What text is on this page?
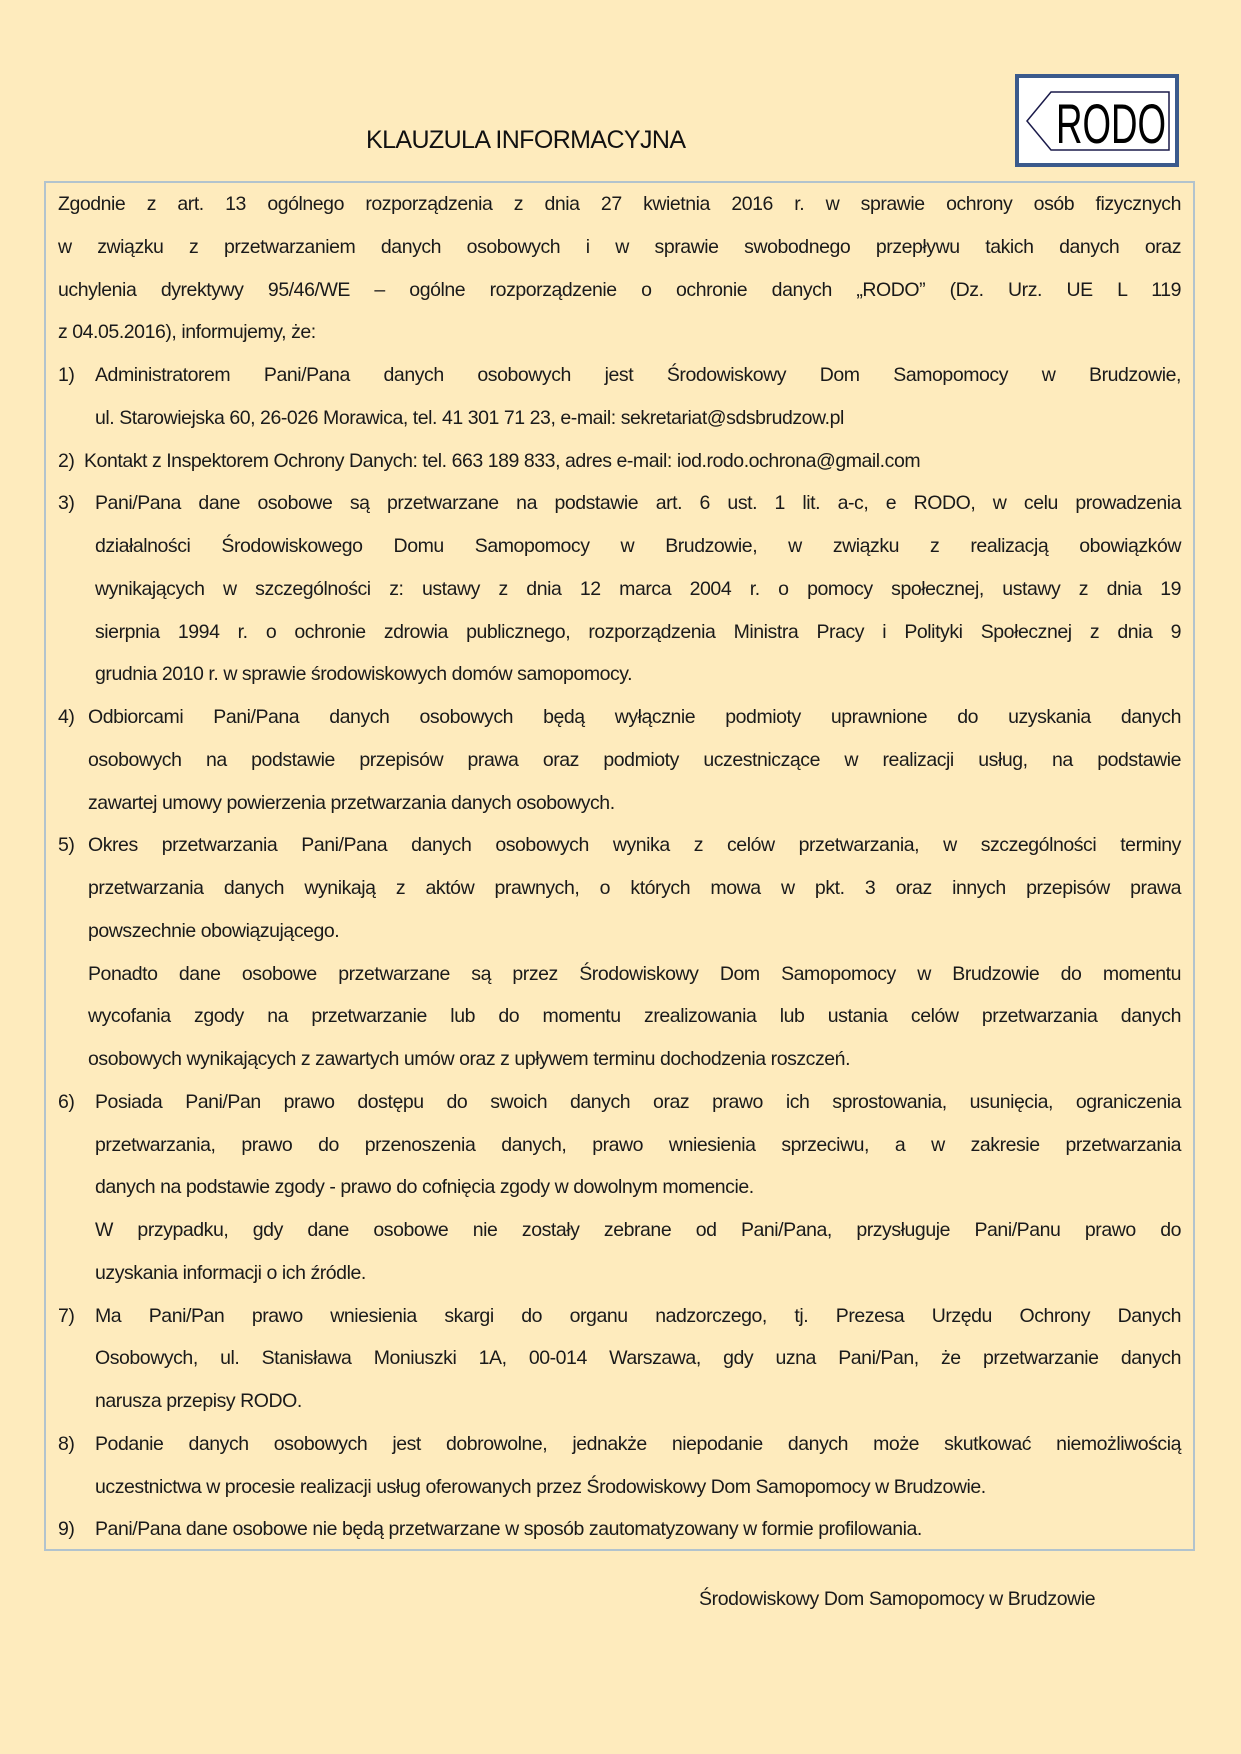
KLAUZULA INFORMACYJNA	RODO
Zgodnie z art. 13 ogólnego rozporządzenia z dnia 27 kwietnia 2016 r. w sprawie ochrony osób fizycznych
w związku z przetwarzaniem danych osobowych i w sprawie swobodnego przepływu takich danych oraz
uchylenia dyrektywy 95/46/WE – ogólne rozporządzenie o ochronie danych „RODO” (Dz. Urz. UE L 119
z 04.05.2016), informujemy, że:
1) Administratorem Pani/Pana danych osobowych jest Środowiskowy Dom Samopomocy w Brudzowie,
ul. Starowiejska 60, 26-026 Morawica, tel. 41 301 71 23, e-mail: sekretariat@sdsbrudzow.pl
2) Kontakt z Inspektorem Ochrony Danych: tel. 663 189 833, adres e-mail: iod.rodo.ochrona@gmail.com
3) Pani/Pana dane osobowe są przetwarzane na podstawie art. 6 ust. 1 lit. a-c, e RODO, w celu prowadzenia
działalności Środowiskowego Domu Samopomocy w Brudzowie, w związku z realizacją obowiązków
wynikających w szczególności z: ustawy z dnia 12 marca 2004 r. o pomocy społecznej, ustawy z dnia 19
sierpnia 1994 r. o ochronie zdrowia publicznego, rozporządzenia Ministra Pracy i Polityki Społecznej z dnia 9
grudnia 2010 r. w sprawie środowiskowych domów samopomocy.
4) Odbiorcami Pani/Pana danych osobowych będą wyłącznie podmioty uprawnione do uzyskania danych
osobowych na podstawie przepisów prawa oraz podmioty uczestniczące w realizacji usług, na podstawie
zawartej umowy powierzenia przetwarzania danych osobowych.
5) Okres przetwarzania Pani/Pana danych osobowych wynika z celów przetwarzania, w szczególności terminy
przetwarzania danych wynikają z aktów prawnych, o których mowa w pkt. 3 oraz innych przepisów prawa
powszechnie obowiązującego.
Ponadto dane osobowe przetwarzane są przez Środowiskowy Dom Samopomocy w Brudzowie do momentu
wycofania zgody na przetwarzanie lub do momentu zrealizowania lub ustania celów przetwarzania danych
osobowych wynikających z zawartych umów oraz z upływem terminu dochodzenia roszczeń.
6) Posiada Pani/Pan prawo dostępu do swoich danych oraz prawo ich sprostowania, usunięcia, ograniczenia
przetwarzania, prawo do przenoszenia danych, prawo wniesienia sprzeciwu, a w zakresie przetwarzania
danych na podstawie zgody - prawo do cofnięcia zgody w dowolnym momencie.
W przypadku, gdy dane osobowe nie zostały zebrane od Pani/Pana, przysługuje Pani/Panu prawo do
uzyskania informacji o ich źródle.
7) Ma Pani/Pan prawo wniesienia skargi do organu nadzorczego, tj. Prezesa Urzędu Ochrony Danych
Osobowych, ul. Stanisława Moniuszki 1A, 00-014 Warszawa, gdy uzna Pani/Pan, że przetwarzanie danych
narusza przepisy RODO.
8) Podanie danych osobowych jest dobrowolne, jednakże niepodanie danych może skutkować niemożliwością
uczestnictwa w procesie realizacji usług oferowanych przez Środowiskowy Dom Samopomocy w Brudzowie.
9) Pani/Pana dane osobowe nie będą przetwarzane w sposób zautomatyzowany w formie profilowania.
Środowiskowy Dom Samopomocy w Brudzowie
